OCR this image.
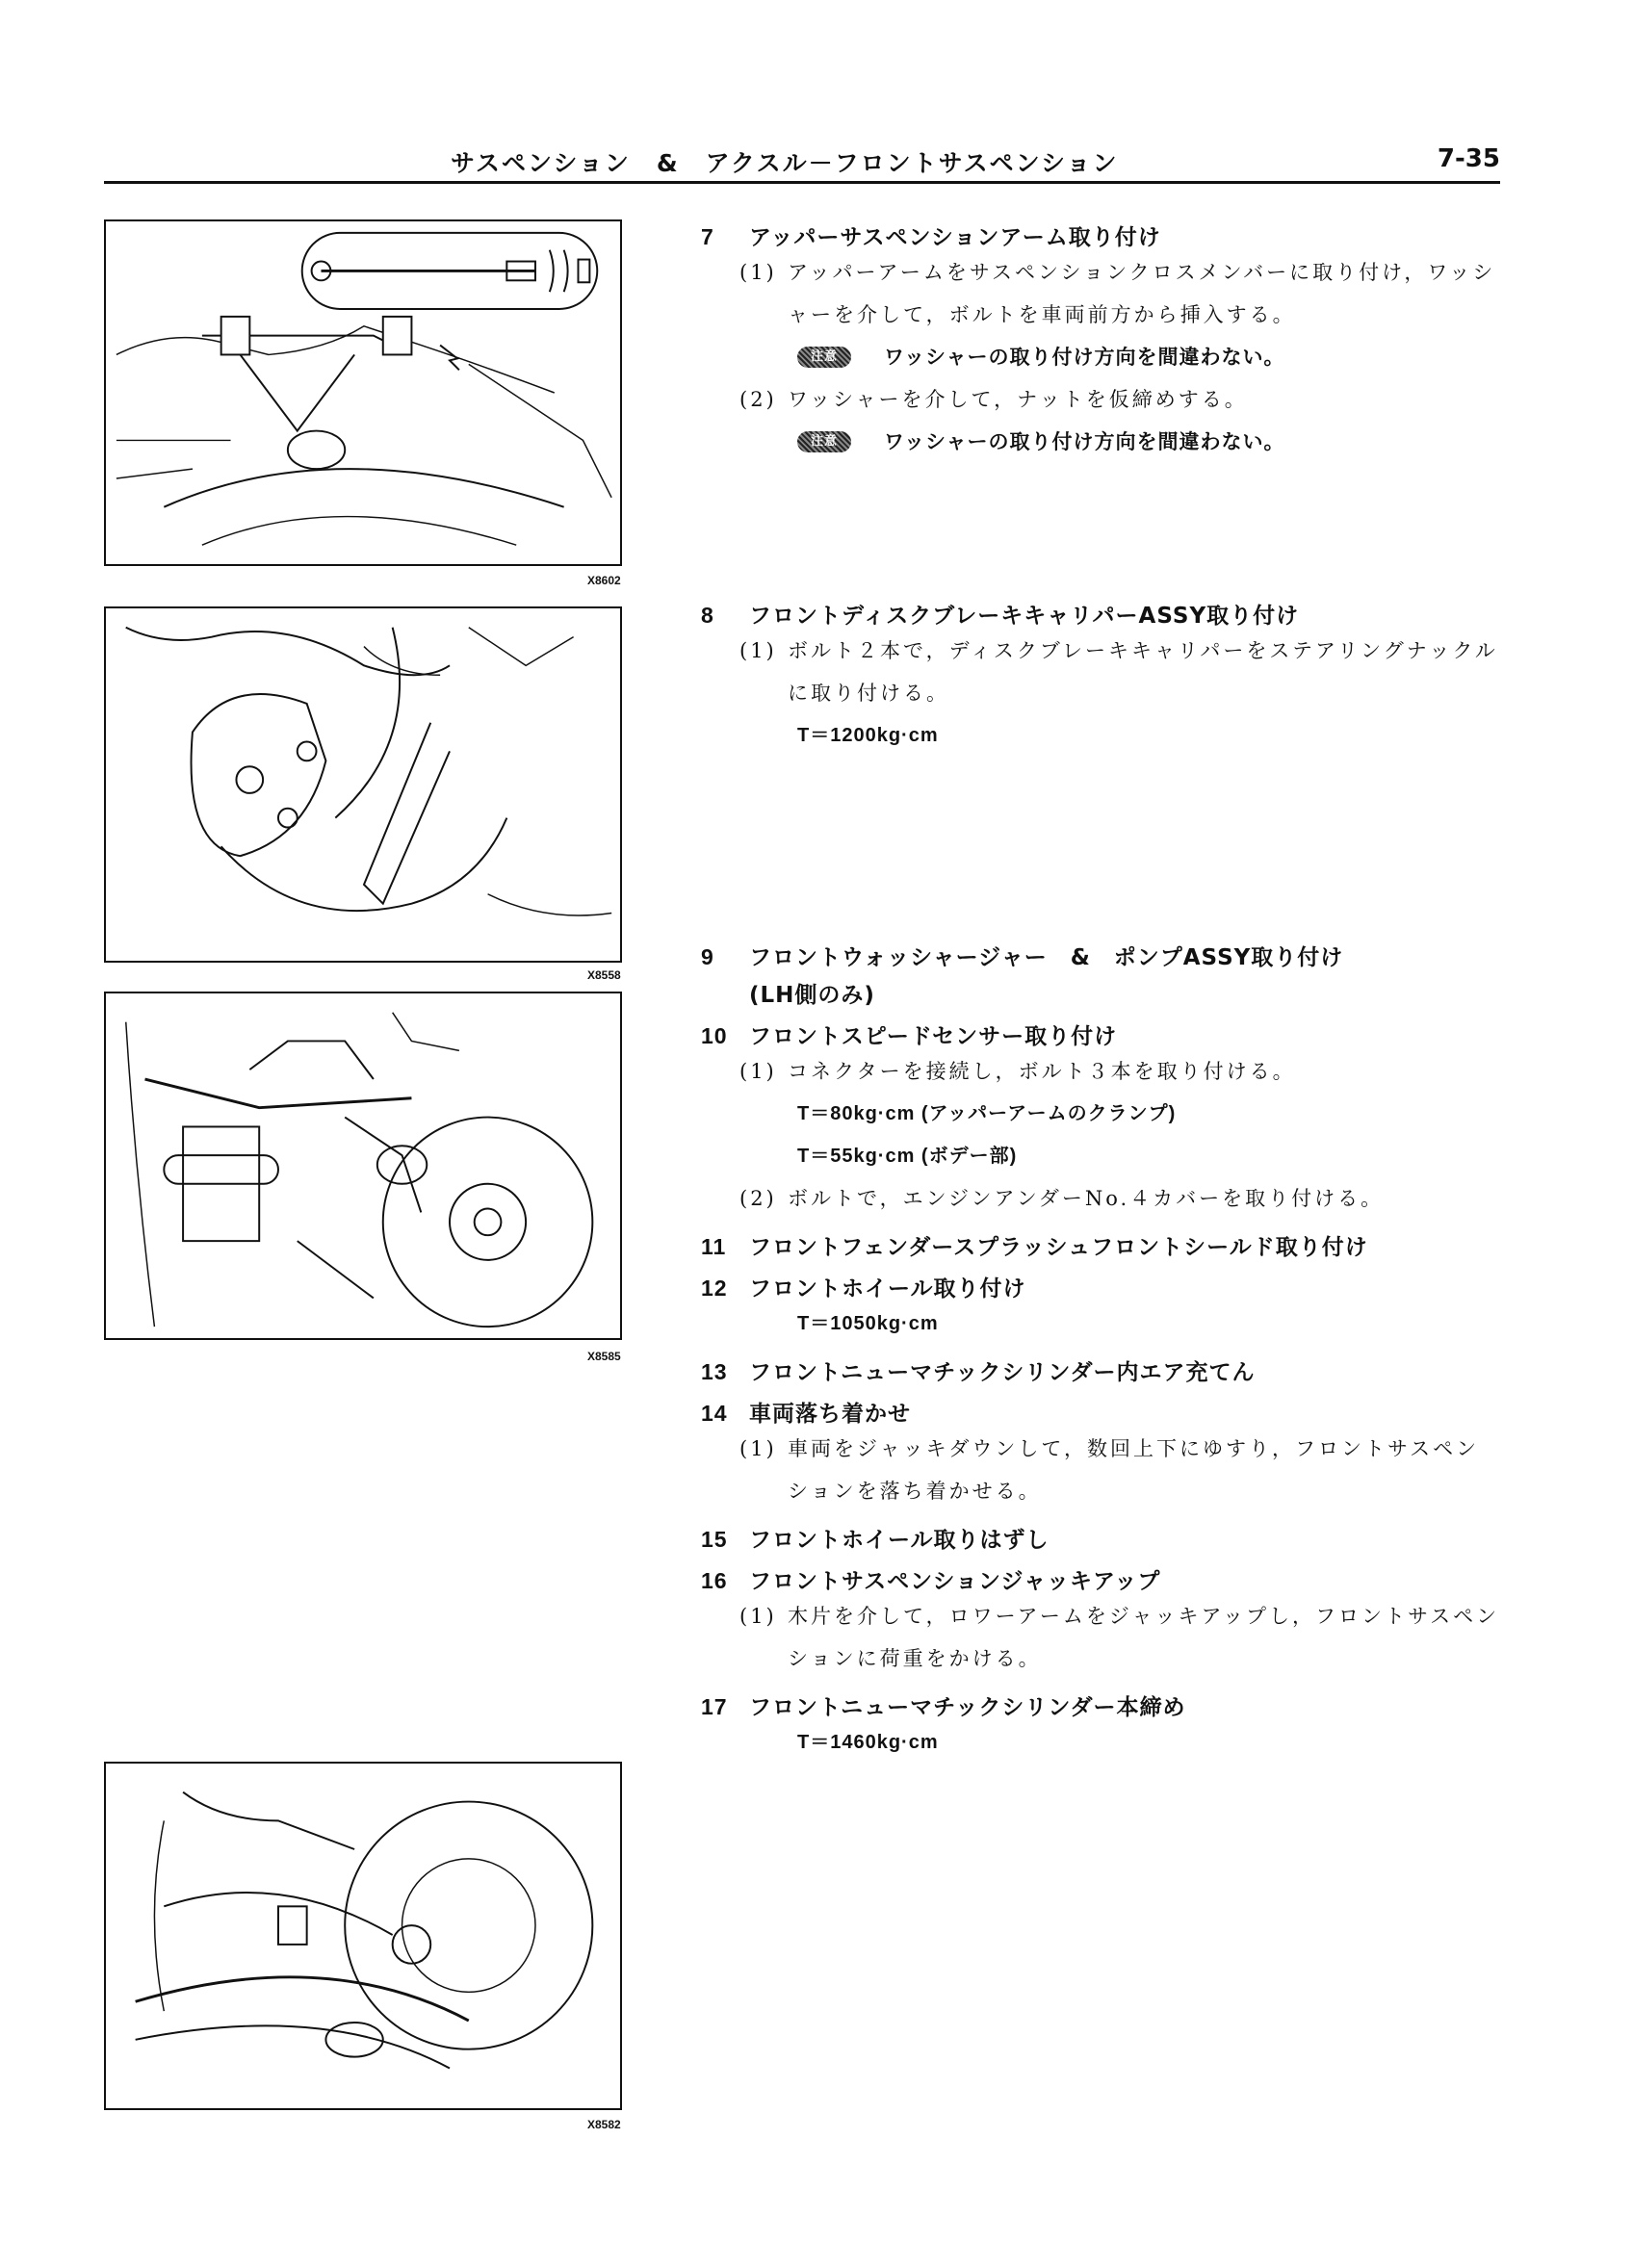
サスペンション　&　アクスル－フロントサスペンション	7-35
X8602
X8558
X8585
X8582
7	アッパーサスペンションアーム取り付け
(1) アッパーアームをサスペンションクロスメンバーに取り付け，ワッシャーを介して，ボルトを車両前方から挿入する。
注意	ワッシャーの取り付け方向を間違わない。
(2) ワッシャーを介して，ナットを仮締めする。
注意	ワッシャーの取り付け方向を間違わない。
8	フロントディスクブレーキキャリパーASSY取り付け
(1) ボルト２本で，ディスクブレーキキャリパーをステアリングナックルに取り付ける。
T＝1200kg·cm
9	フロントウォッシャージャー　&　ポンプASSY取り付け
(LH側のみ)
10 フロントスピードセンサー取り付け
(1) コネクターを接続し，ボルト３本を取り付ける。
T＝80kg·cm (アッパーアームのクランプ)
T＝55kg·cm (ボデー部)
(2) ボルトで，エンジンアンダーNo.４カバーを取り付ける。
11	フロントフェンダースプラッシュフロントシールド取り付け
12 フロントホイール取り付け
T＝1050kg·cm
13 フロントニューマチックシリンダー内エア充てん
14 車両落ち着かせ
(1) 車両をジャッキダウンして，数回上下にゆすり，フロントサスペンションを落ち着かせる。
15 フロントホイール取りはずし
16 フロントサスペンションジャッキアップ
(1) 木片を介して，ロワーアームをジャッキアップし，フロントサスペンションに荷重をかける。
17 フロントニューマチックシリンダー本締め
T＝1460kg·cm
